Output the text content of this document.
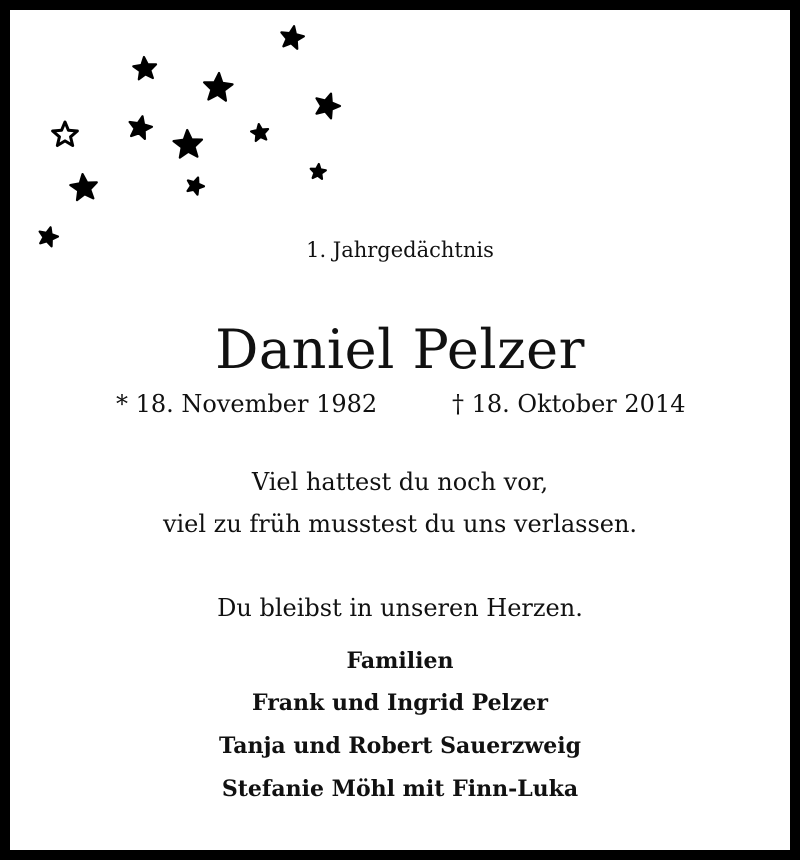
1. Jahrgedächtnis
Daniel Pelzer
* 18. November 1982	† 18. Oktober 2014
Viel hattest du noch vor,
viel zu früh musstest du uns verlassen.
Du bleibst in unseren Herzen.
Familien
Frank und Ingrid Pelzer
Tanja und Robert Sauerzweig
Stefanie Möhl mit Finn-Luka
